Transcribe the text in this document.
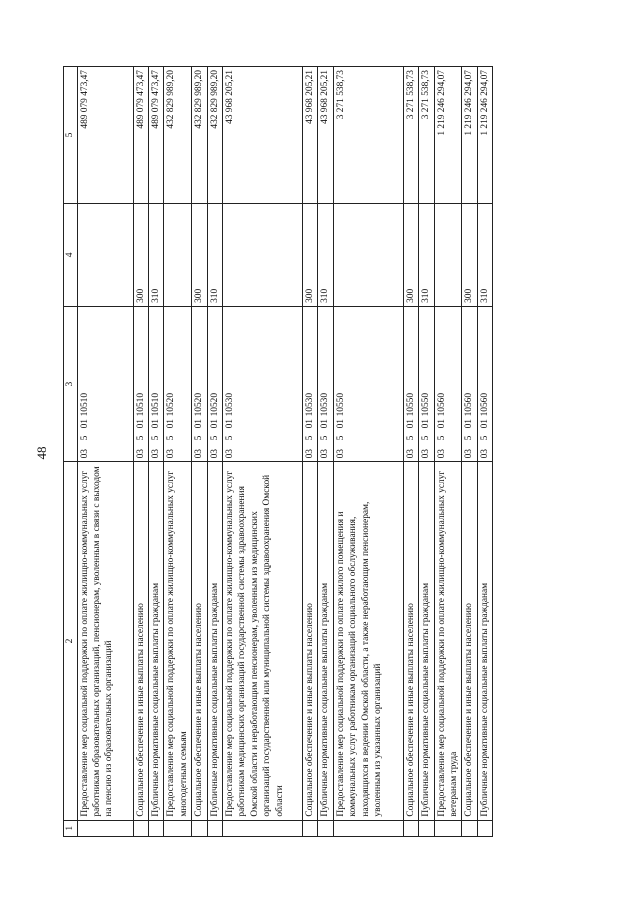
48
1	2	3	4	5
	Предоставление мер социальной поддержки по оплате жилищно-коммунальных услуг работникам образовательных организаций, пенсионерам, уволенным в связи с выходом на пенсию из образовательных организаций	0350110510		489 079 473,47
	Социальное обеспечение и иные выплаты населению	0350110510	300	489 079 473,47
	Публичные нормативные социальные выплаты гражданам	0350110510	310	489 079 473,47
	Предоставление мер социальной поддержки по оплате жилищно-коммунальных услуг многодетным семьям	0350110520		432 829 989,20
	Социальное обеспечение и иные выплаты населению	0350110520	300	432 829 989,20
	Публичные нормативные социальные выплаты гражданам	0350110520	310	432 829 989,20
	Предоставление мер социальной поддержки по оплате жилищно-коммунальных услуг работникам медицинских организаций государственной системы здравоохранения Омской области и неработающим пенсионерам, уволенным из медицинских организаций государственной или муниципальной системы здравоохранения Омской области	0350110530		43 968 205,21
	Социальное обеспечение и иные выплаты населению	0350110530	300	43 968 205,21
	Публичные нормативные социальные выплаты гражданам	0350110530	310	43 968 205,21
	Предоставление мер социальной поддержки по оплате жилого помещения и коммунальных услуг работникам организаций социального обслуживания, находящихся в ведении Омской области, а также неработающим пенсионерам, уволенным из указанных организаций	0350110550		3 271 538,73
	Социальное обеспечение и иные выплаты населению	0350110550	300	3 271 538,73
	Публичные нормативные социальные выплаты гражданам	0350110550	310	3 271 538,73
	Предоставление мер социальной поддержки по оплате жилищно-коммунальных услуг ветеранам труда	0350110560		1 219 246 294,07
	Социальное обеспечение и иные выплаты населению	0350110560	300	1 219 246 294,07
	Публичные нормативные социальные выплаты гражданам	0350110560	310	1 219 246 294,07
